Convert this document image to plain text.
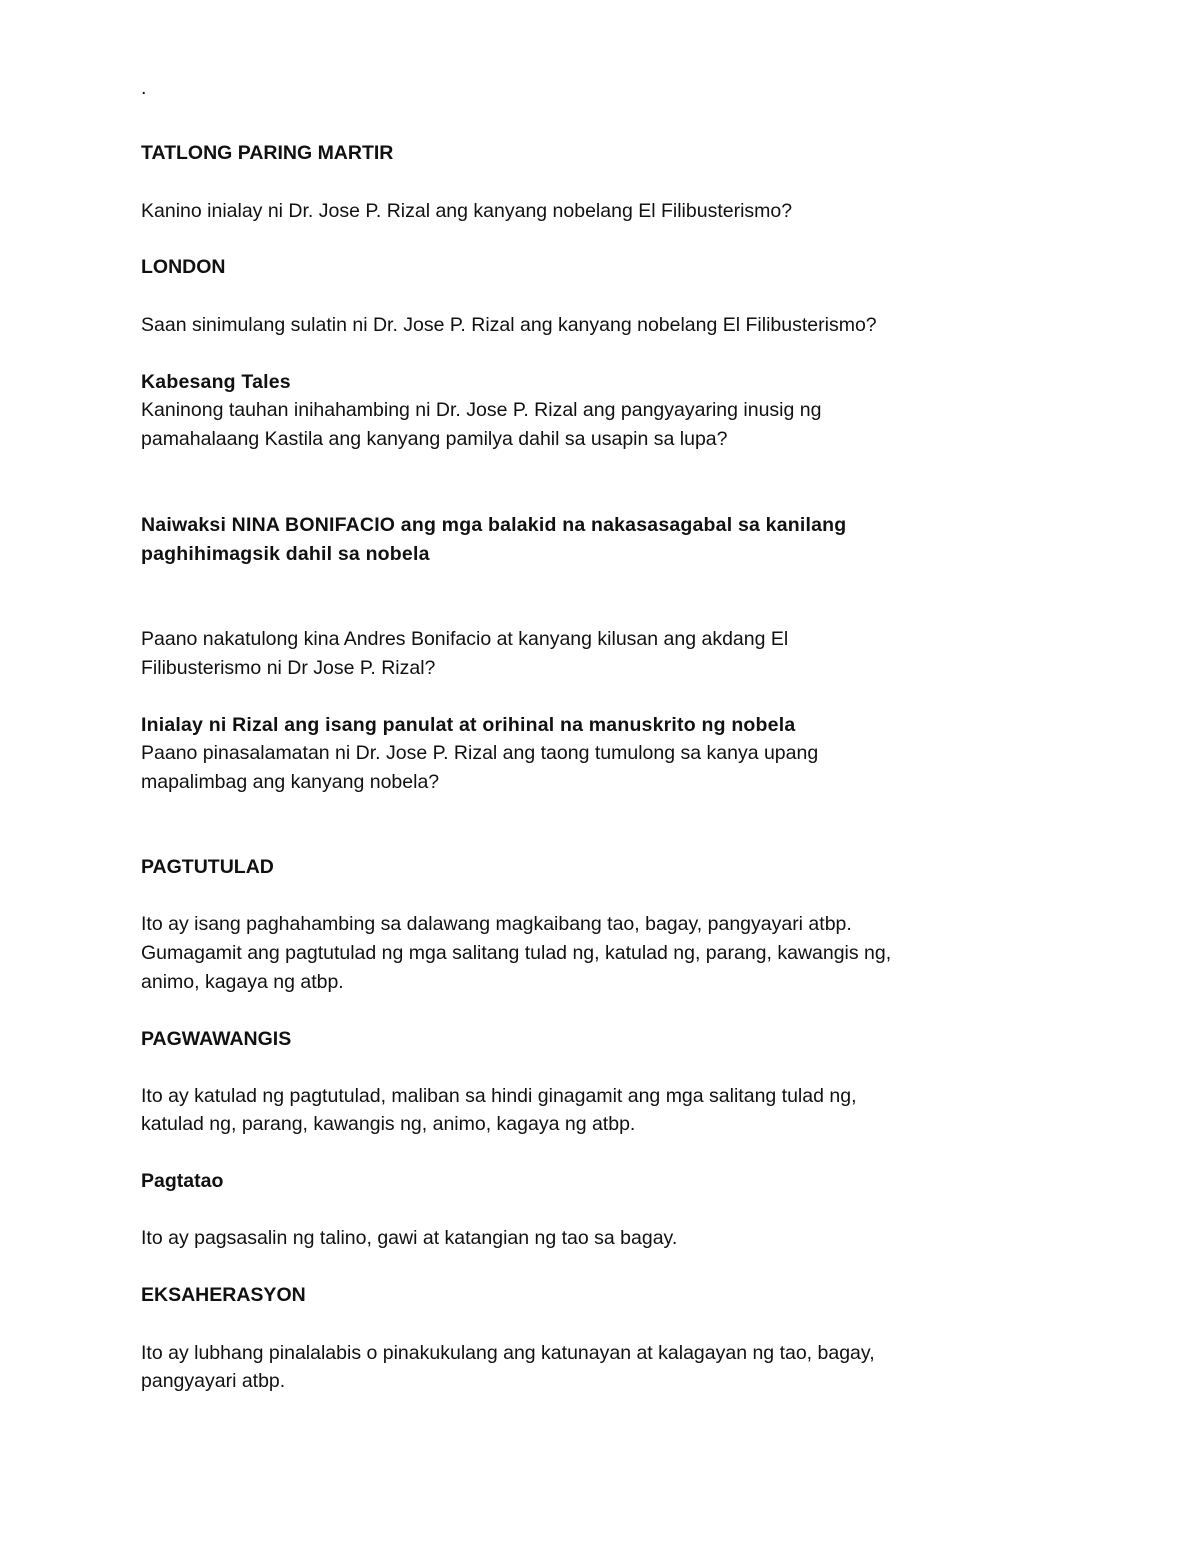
.

TATLONG PARING MARTIR

Kanino inialay ni Dr. Jose P. Rizal ang kanyang nobelang El Filibusterismo?

LONDON

Saan sinimulang sulatin ni Dr. Jose P. Rizal ang kanyang nobelang El Filibusterismo?

Kabesang Tales

Kaninong tauhan inihahambing ni Dr. Jose P. Rizal ang pangyayaring inusig ng

pamahalaang Kastila ang kanyang pamilya dahil sa usapin sa lupa?

Naiwaksi NINA BONIFACIO ang mga balakid na nakasasagabal sa kanilang

paghihimagsik dahil sa nobela

Paano nakatulong kina Andres Bonifacio at kanyang kilusan ang akdang El

Filibusterismo ni Dr Jose P. Rizal?

Inialay ni Rizal ang isang panulat at orihinal na manuskrito ng nobela

Paano pinasalamatan ni Dr. Jose P. Rizal ang taong tumulong sa kanya upang

mapalimbag ang kanyang nobela?

PAGTUTULAD

Ito ay isang paghahambing sa dalawang magkaibang tao, bagay, pangyayari atbp.

Gumagamit ang pagtutulad ng mga salitang tulad ng, katulad ng, parang, kawangis ng,

animo, kagaya ng atbp.

PAGWAWANGIS

Ito ay katulad ng pagtutulad, maliban sa hindi ginagamit ang mga salitang tulad ng,

katulad ng, parang, kawangis ng, animo, kagaya ng atbp.

Pagtatao

Ito ay pagsasalin ng talino, gawi at katangian ng tao sa bagay.

EKSAHERASYON

Ito ay lubhang pinalalabis o pinakukulang ang katunayan at kalagayan ng tao, bagay,

pangyayari atbp.
